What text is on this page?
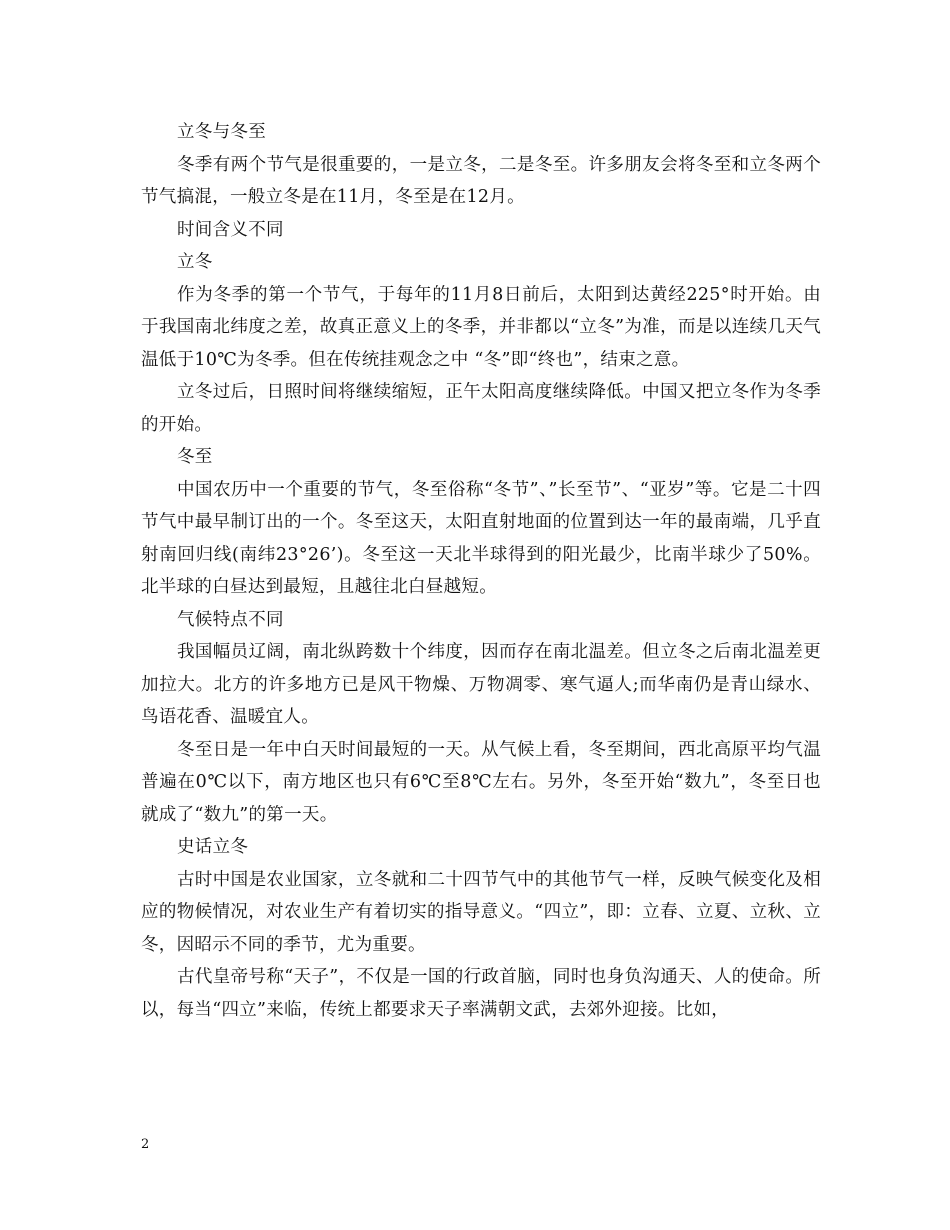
立冬与冬至

冬季有两个节气是很重要的，一是立冬，二是冬至。许多朋友会将冬至和立冬两个节气搞混，一般立冬是在11月，冬至是在12月。

时间含义不同

立冬

作为冬季的第一个节气，于每年的11月8日前后，太阳到达黄经225°时开始。由于我国南北纬度之差，故真正意义上的冬季，并非都以“立冬”为准，而是以连续几天气温低于10℃为冬季。但在传统挂观念之中 “冬”即“终也”，结束之意。

立冬过后，日照时间将继续缩短，正午太阳高度继续降低。中国又把立冬作为冬季的开始。

冬至

中国农历中一个重要的节气，冬至俗称“冬节”、”长至节”、“亚岁”等。它是二十四节气中最早制订出的一个。冬至这天，太阳直射地面的位置到达一年的最南端，几乎直射南回归线(南纬23°26’)。冬至这一天北半球得到的阳光最少，比南半球少了50%。北半球的白昼达到最短，且越往北白昼越短。

气候特点不同

我国幅员辽阔，南北纵跨数十个纬度，因而存在南北温差。但立冬之后南北温差更加拉大。北方的许多地方已是风干物燥、万物凋零、寒气逼人;而华南仍是青山绿水、鸟语花香、温暖宜人。

冬至日是一年中白天时间最短的一天。从气候上看，冬至期间，西北高原平均气温普遍在0℃以下，南方地区也只有6℃至8℃左右。另外，冬至开始“数九”，冬至日也就成了“数九”的第一天。

史话立冬

古时中国是农业国家，立冬就和二十四节气中的其他节气一样，反映气候变化及相应的物候情况，对农业生产有着切实的指导意义。“四立”，即：立春、立夏、立秋、立冬，因昭示不同的季节，尤为重要。

古代皇帝号称“天子”，不仅是一国的行政首脑，同时也身负沟通天、人的使命。所以，每当“四立”来临，传统上都要求天子率满朝文武，去郊外迎接。比如，

2
